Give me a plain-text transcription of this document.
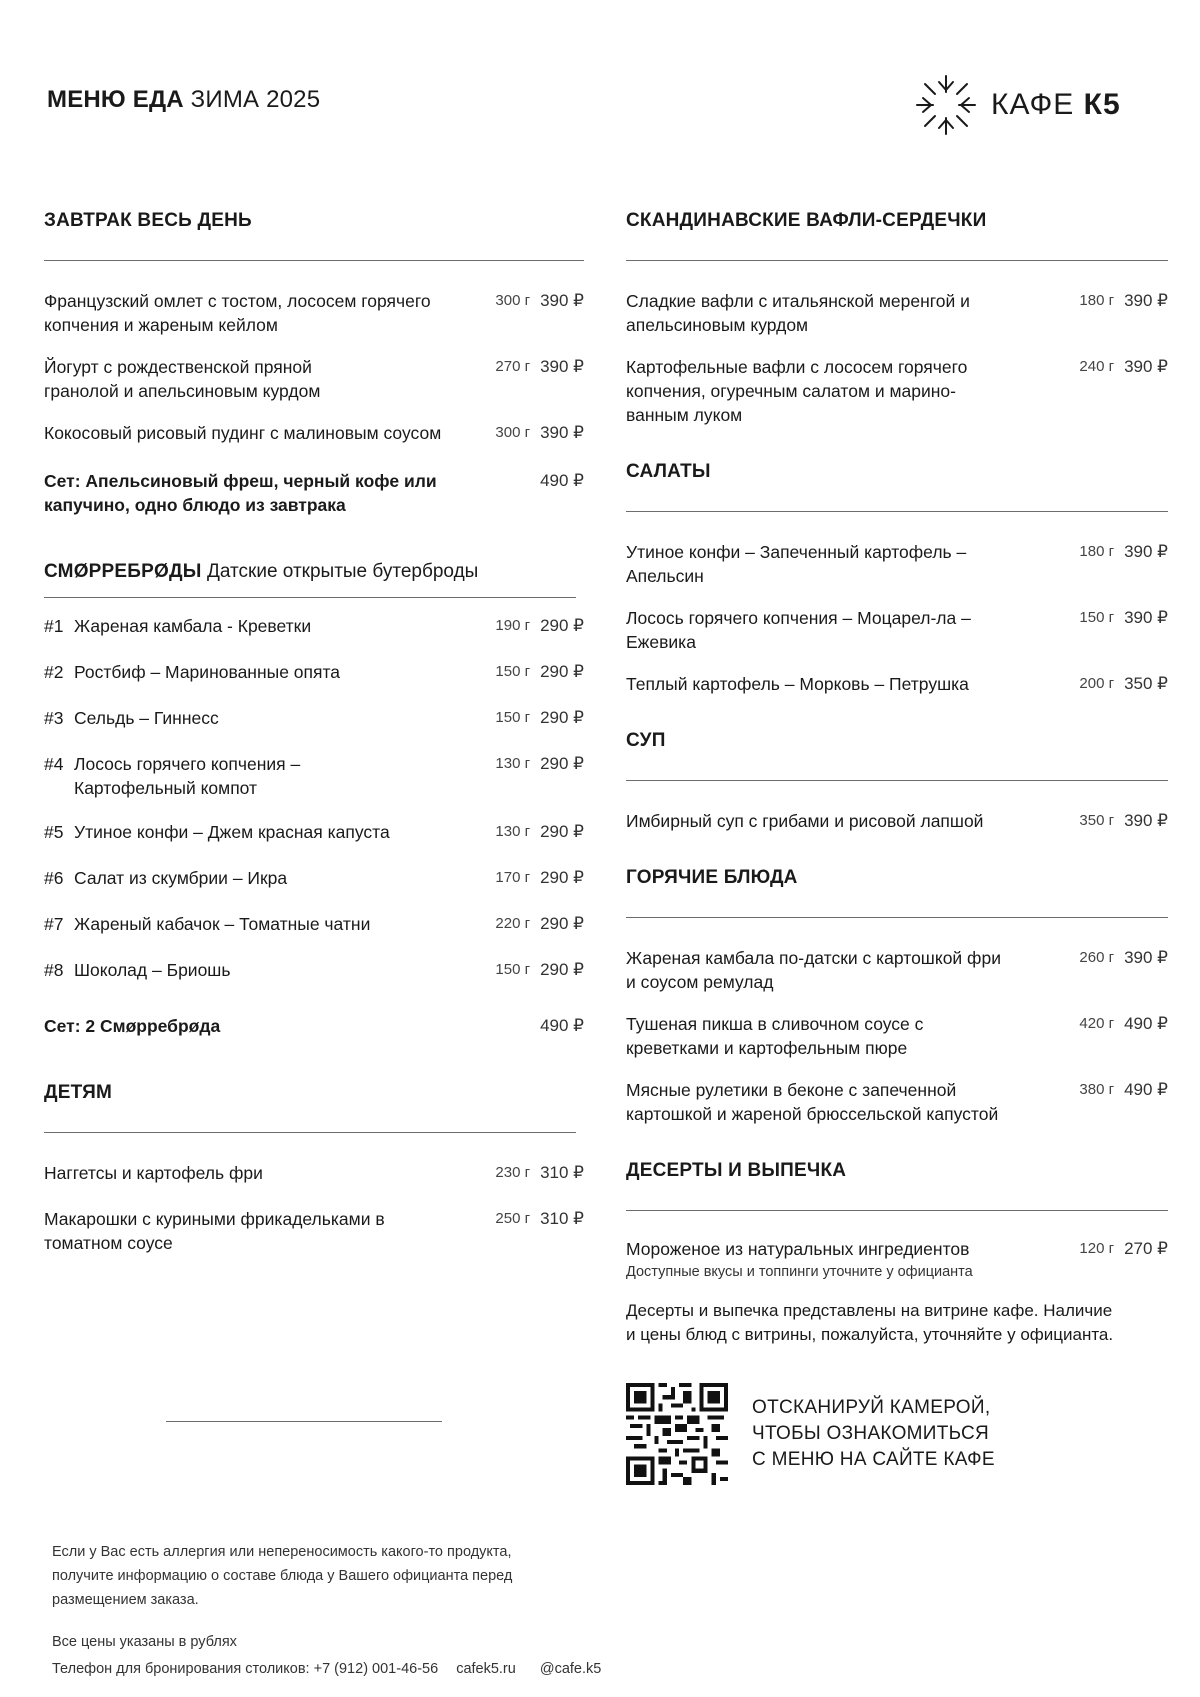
МЕНЮ ЕДА ЗИМА 2025	КАФЕ К5
ЗАВТРАК ВЕСЬ ДЕНЬ
Французский омлет с тостом, лососем горячего копчения и жареным кейлом
300 г 390 ₽
Йогурт с рождественской пряной гранолой и апельсиновым курдом
270 г 390 ₽
Кокосовый рисовый пудинг с малиновым соусом	300 г 390 ₽
Сет: Апельсиновый фреш, черный кофе или капучино, одно блюдо из завтрака
490 ₽
СМØРРЕБРØДЫ Датские открытые бутерброды
#1 Жареная камбала - Креветки	190 г 290 ₽
#2 Ростбиф – Маринованные опята	150 г 290 ₽
#3 Сельдь – Гиннесс	150 г 290 ₽
#4 Лосось горячего копчения –
Картофельный компот
130 г 290 ₽
#5 Утиное конфи – Джем красная капуста	130 г 290 ₽
#6 Салат из скумбрии – Икра	170 г 290 ₽
#7 Жареный кабачок – Томатные чатни	220 г 290 ₽
#8 Шоколад – Бриошь	150 г 290 ₽
Сет: 2 Смøрребрøда	490 ₽
ДЕТЯМ
Наггетсы и картофель фри	230 г 310 ₽
Макарошки с куриными фрикадельками в томатном соусе
250 г 310 ₽
СКАНДИНАВСКИЕ ВАФЛИ-СЕРДЕЧКИ
Сладкие вафли с итальянской меренгой и апельсиновым курдом
180 г 390 ₽
Картофельные вафли с лососем горячего копчения, огуречным салатом и марино-ванным луком
240 г 390 ₽
САЛАТЫ
Утиное конфи – Запеченный картофель – Апельсин
180 г 390 ₽
Лосось горячего копчения – Моцарел-ла – Ежевика
150 г 390 ₽
Теплый картофель – Морковь – Петрушка	200 г 350 ₽
СУП
Имбирный суп с грибами и рисовой лапшой	350 г 390 ₽
ГОРЯЧИЕ БЛЮДА
Жареная камбала по-датски с картошкой фри и соусом ремулад
260 г 390 ₽
Тушеная пикша в сливочном соусе с креветками и картофельным пюре
420 г 490 ₽
Мясные рулетики в беконе с запеченной картошкой и жареной брюссельской капустой
380 г 490 ₽
ДЕСЕРТЫ И ВЫПЕЧКА
Мороженое из натуральных ингредиентов
Доступные вкусы и топпинги уточните у официанта
120 г 270 ₽
Десерты и выпечка представлены на витрине кафе. Наличие и цены блюд с витрины, пожалуйста, уточняйте у официанта.
ОТСКАНИРУЙ КАМЕРОЙ,
ЧТОБЫ ОЗНАКОМИТЬСЯ
С МЕНЮ НА САЙТЕ КАФЕ
Если у Вас есть аллергия или непереносимость какого-то продукта, получите информацию о составе блюда у Вашего официанта перед размещением заказа.
Все цены указаны в рублях
Телефон для бронирования столиков: +7 (912) 001-46-56 cafek5.ru @cafe.k5
